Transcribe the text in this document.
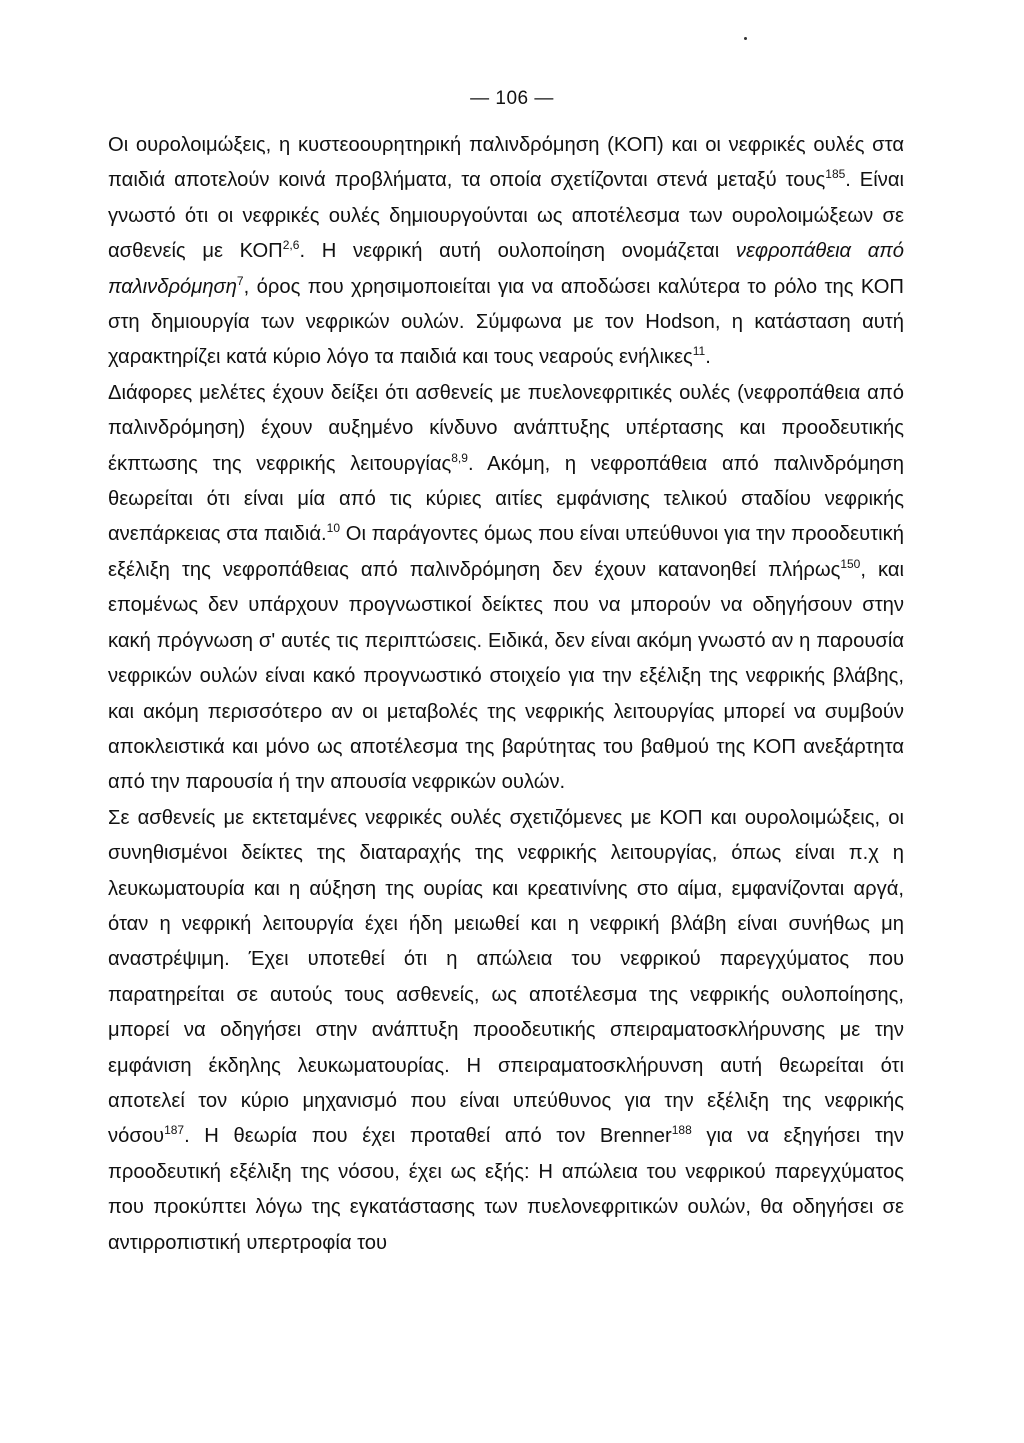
— 106 —

Οι ουρολοιμώξεις, η κυστεοουρητηρική παλινδρόμηση (ΚΟΠ) και οι νεφρικές ουλές στα παιδιά αποτελούν κοινά προβλήματα, τα οποία σχετίζονται στενά μεταξύ τους$^{185}$. Είναι γνωστό ότι οι νεφρικές ουλές δημιουργούνται ως αποτέλεσμα των ουρολοιμώξεων σε ασθενείς με ΚΟΠ$^{2,6}$. Η νεφρική αυτή ουλοποίηση ονομάζεται νεφροπάθεια από παλινδρόμηση$^7$, όρος που χρησιμοποιείται για να αποδώσει καλύτερα το ρόλο της ΚΟΠ στη δημιουργία των νεφρικών ουλών. Σύμφωνα με τον Hodson, η κατάσταση αυτή χαρακτηρίζει κατά κύριο λόγο τα παιδιά και τους νεαρούς ενήλικες$^{11}$.

Διάφορες μελέτες έχουν δείξει ότι ασθενείς με πυελονεφριτικές ουλές (νεφροπάθεια από παλινδρόμηση) έχουν αυξημένο κίνδυνο ανάπτυξης υπέρτασης και προοδευτικής έκπτωσης της νεφρικής λειτουργίας$^{8,9}$. Ακόμη, η νεφροπάθεια από παλινδρόμηση θεωρείται ότι είναι μία από τις κύριες αιτίες εμφάνισης τελικού σταδίου νεφρικής ανεπάρκειας στα παιδιά.$^{10}$ Οι παράγοντες όμως που είναι υπεύθυνοι για την προοδευτική εξέλιξη της νεφροπάθειας από παλινδρόμηση δεν έχουν κατανοηθεί πλήρως$^{150}$, και επομένως δεν υπάρχουν προγνωστικοί δείκτες που να μπορούν να οδηγήσουν στην κακή πρόγνωση σ' αυτές τις περιπτώσεις. Ειδικά, δεν είναι ακόμη γνωστό αν η παρουσία νεφρικών ουλών είναι κακό προγνωστικό στοιχείο για την εξέλιξη της νεφρικής βλάβης, και ακόμη περισσότερο αν οι μεταβολές της νεφρικής λειτουργίας μπορεί να συμβούν αποκλειστικά και μόνο ως αποτέλεσμα της βαρύτητας του βαθμού της ΚΟΠ ανεξάρτητα από την παρουσία ή την απουσία νεφρικών ουλών.

Σε ασθενείς με εκτεταμένες νεφρικές ουλές σχετιζόμενες με ΚΟΠ και ουρολοιμώξεις, οι συνηθισμένοι δείκτες της διαταραχής της νεφρικής λειτουργίας, όπως είναι π.χ η λευκωματουρία και η αύξηση της ουρίας και κρεατινίνης στο αίμα, εμφανίζονται αργά, όταν η νεφρική λειτουργία έχει ήδη μειωθεί και η νεφρική βλάβη είναι συνήθως μη αναστρέψιμη. Έχει υποτεθεί ότι η απώλεια του νεφρικού παρεγχύματος που παρατηρείται σε αυτούς τους ασθενείς, ως αποτέλεσμα της νεφρικής ουλοποίησης, μπορεί να οδηγήσει στην ανάπτυξη προοδευτικής σπειραματοσκλήρυνσης με την εμφάνιση έκδηλης λευκωματουρίας. Η σπειραματοσκλήρυνση αυτή θεωρείται ότι αποτελεί τον κύριο μηχανισμό που είναι υπεύθυνος για την εξέλιξη της νεφρικής νόσου$^{187}$. Η θεωρία που έχει προταθεί από τον Brenner$^{188}$ για να εξηγήσει την προοδευτική εξέλιξη της νόσου, έχει ως εξής: Η απώλεια του νεφρικού παρεγχύματος που προκύπτει λόγω της εγκατάστασης των πυελονεφριτικών ουλών, θα οδηγήσει σε αντιρροπιστική υπερτροφία του
